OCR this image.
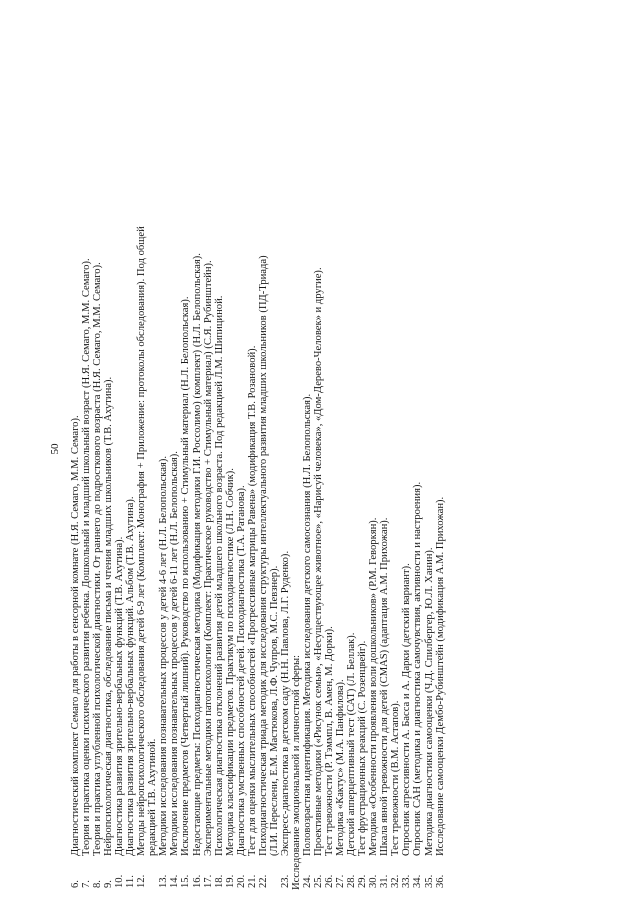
50
6.
Диагностический комплект Семаго для работы в сенсорной комнате (Н.Я. Семаго, М.М. Семаго).
7.
Теория и практика оценки психического развития ребенка. Дошкольный и младший школьный возраст (Н.Я. Семаго, М.М. Семаго).
8.
Теория и практика углубленной психологической диагностики. От раннего до подросткового возраста (Н.Я. Семаго, М.М. Семаго).
9.
Нейропсихологическая диагностика, обследование письма и чтения младших школьников (Т.В. Ахутина).
10.
Диагностика развития зрительно-вербальных функций (Т.В. Ахутина).
11.
Диагностика развития зрительно-вербальных функций. Альбом (Т.В. Ахутина).
12.
Методы нейропсихологического обследования детей 6-9 лет (Комплект: Монография + Приложение: протоколы обследования). Под общей редакцией Т.В. Ахутиной.
13.
Методики исследования познавательных процессов у детей 4-6 лет (Н.Л. Белопольская).
14.
Методики исследования познавательных процессов у детей 6-11 лет (Н.Л. Белопольская).
15.
Исключение предметов (Четвертый лишний). Руководство по использованию + Стимульный материал (Н.Л. Белопольская).
16.
Недостающие предметы: Психодиагностическая методика (Модификация методики Г.И. Россолимо) (комплект) (Н.Л. Белопольская).
17.
Экспериментальные методики патопсихологии (Комплект: Практическое руководство + Стимульный материал) (С.Я. Рубинштейн).
18.
Психологическая диагностика отклонений развития детей младшего школьного возраста. Под редакцией Л.М. Шипициной.
19.
Методика классификации предметов. Практикум по психодиагностике (Л.Н. Собчик).
20.
Диагностика умственных способностей детей. Психодиагностика (Т.А. Ратанова).
21.
Тест для оценки мыслительных способностей «Прогрессивные матрицы Равена» (модификация Т.В. Розановой).
22.
Психодиагностическая триада методик для исследования структуры интеллектуального развития младших школьников (ПД-Триада) (Л.И. Переслени, Е.М. Мастюкова, Л.Ф. Чупров, М.С. Певзнер).
23.
Экспресс-диагностика в детском саду (Н.Н. Павлова, Л.Г. Руденко). Исследование эмоциональной и личностной сферы: 24.
Половозрастная идентификация. Методика исследования детского самосознания (Н.Л. Белопольская).
25.
Проективные методики («Рисунок семьи», «Несуществующее животное», «Нарисуй человека», «Дом-Дерево-Человек» и другие).
26.
Тест тревожности (Р. Тэммпл, В. Амен, М. Дорки).
27.
Методика «Кактус» (М.А. Панфилова).
28.
Детский апперцептивный тест (САТ) (Л. Беллак).
29.
Тест фрустрационных реакций (С. Розенцвейг).
30.
Методика «Особенности проявления воли дошкольников» (Р.М. Геворкян).
31.
Шкала явной тревожности для детей (CMAS) (адаптация А.М. Прихожан).
32.
Тест тревожности (В.М. Астапов).
33.
Опросник агрессивности А. Басса и А. Дарки (детский вариант).
34.
Опросник САН (методика и диагностика самочувствия, активности и настроения).
35.
Методика диагностики самооценки (Ч.Д. Спилбергер, Ю.Л. Ханин).
36.
Исследование самооценки Дембо-Рубинштейн (модификация А.М. Прихожан).
